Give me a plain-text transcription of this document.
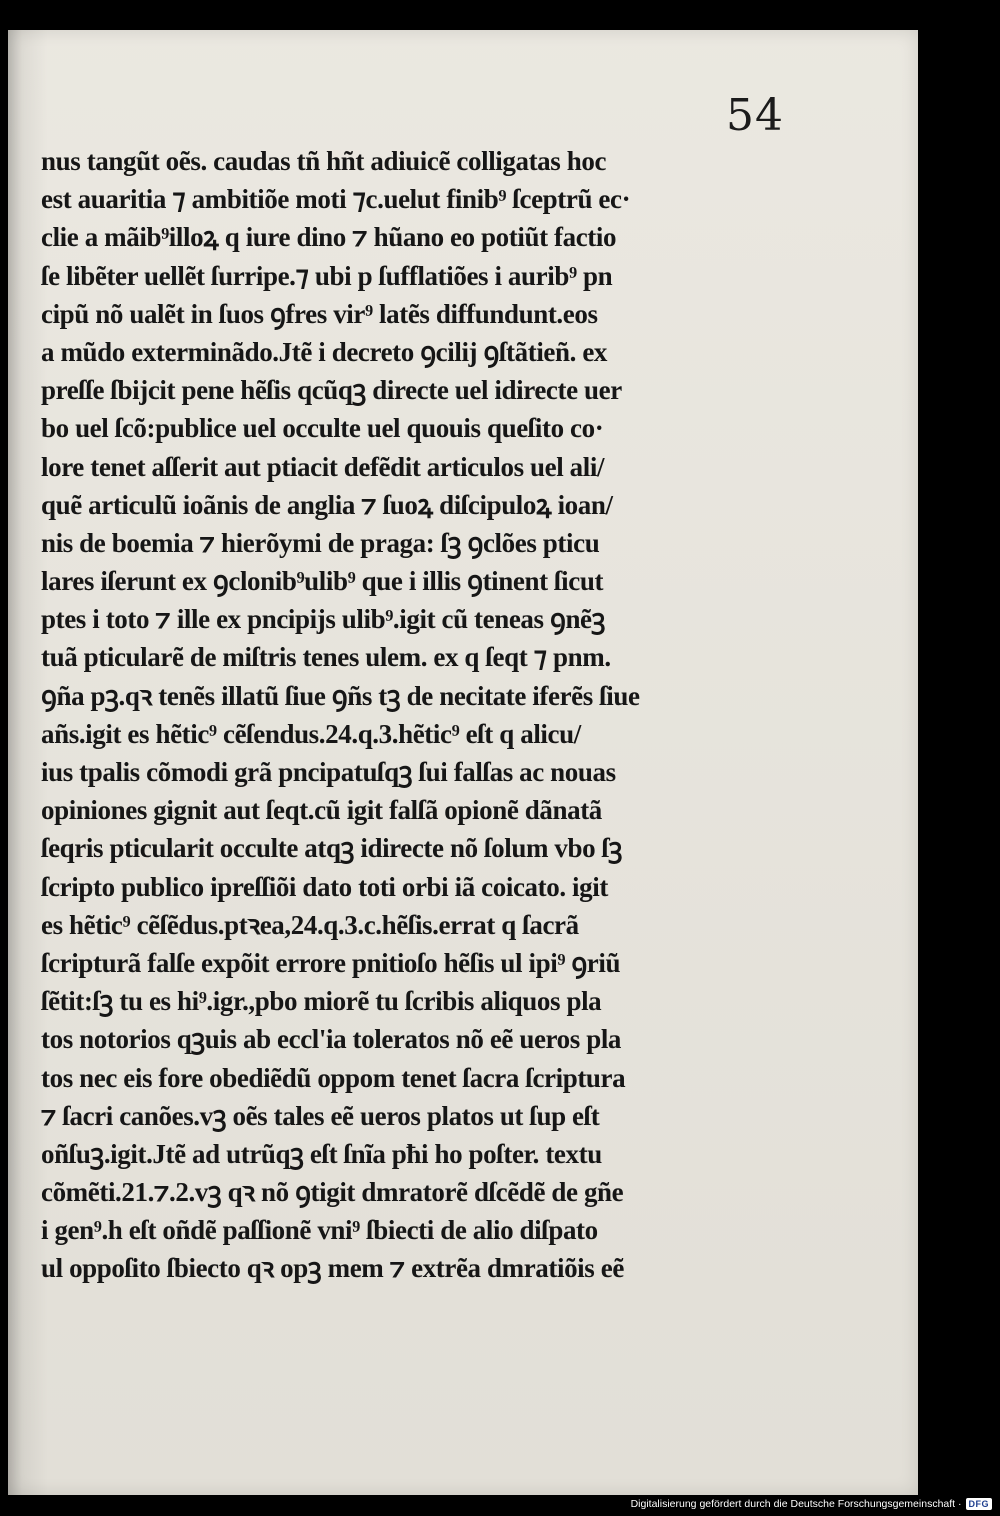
54
nus tangũt oẽs. caudas tñ hñt adiuicẽ colligatas hoc
est auaritia ⁊ ambitiõe moti ⁊c.uelut finib⁹ ſceptrũ ec·
clie a mãib⁹illoꝝ q iure dino ⁊ hũano eo potiũt factio
ſe libẽter uellẽt ſurripe.⁊ ubi p ſufflatiões i aurib⁹ pn
cipũ nõ ualẽt in ſuos ꝯfres vir⁹ latẽs diffundunt.eos
a mũdo exterminãdo.Jtẽ i decreto ꝯcilij ꝯſtãtieñ. ex
preſſe ſbijcit pene hẽſis qcũqꝫ directe uel idirecte uer
bo uel ſcõ:publice uel occulte uel quouis queſito co·
lore tenet aſſerit aut ptiacit defẽdit articulos uel ali/
quẽ articulũ ioãnis de anglia ⁊ ſuoꝝ diſcipuloꝝ ioan/
nis de boemia ⁊ hierõymi de praga: ſꝫ ꝯclões pticu
lares iſerunt ex ꝯclonib⁹ulib⁹ que i illis ꝯtinent ſicut
ptes i toto ⁊ ille ex pncipijs ulib⁹.igit cũ teneas ꝯnẽꝫ
tuã pticularẽ de miſtris tenes ulem. ex q ſeqt ⁊ pnm.
ꝯña pꝫ.qꝛ tenẽs illatũ ſiue ꝯñs tꝫ de necitate iferẽs ſiue
añs.igit es hẽtic⁹ cẽſendus.24.q.3.hẽtic⁹ eſt q alicu/
ius tpalis cõmodi grã pncipatuſqꝫ ſui falſas ac nouas
opiniones gignit aut ſeqt.cũ igit falſã opionẽ dãnatã
ſeqris pticularit occulte atqꝫ idirecte nõ ſolum vbo ſꝫ
ſcripto publico ipreſſiõi dato toti orbi iã coicato. igit
es hẽtic⁹ cẽſẽdus.ptꝛea,24.q.3.c.hẽſis.errat q ſacrã
ſcripturã falſe expõit errore pnitioſo hẽſis ul ipi⁹ ꝯriũ
ſẽtit:ſꝫ tu es hi⁹.igr.,pbo miorẽ tu ſcribis aliquos pla
tos notorios qꝫuis ab eccl'ia toleratos nõ eẽ ueros pla
tos nec eis fore obediẽdũ oppom tenet ſacra ſcriptura
⁊ ſacri canões.vꝫ oẽs tales eẽ ueros platos ut ſup eſt
oñſuꝫ.igit.Jtẽ ad utrũqꝫ eſt ſnĩa pħi ho poſter. textu
cõmẽti.21.⁊.2.vꝫ qꝛ nõ ꝯtigit dmratorẽ dſcẽdẽ de gñe
i gen⁹.h eſt oñdẽ paſſionẽ vni⁹ ſbiecti de alio diſpato
ul oppoſito ſbiecto qꝛ opꝫ mem ⁊ extrẽa dmratiõis eẽ
Digitalisierung gefördert durch die Deutsche Forschungsgemeinschaft · DFG
